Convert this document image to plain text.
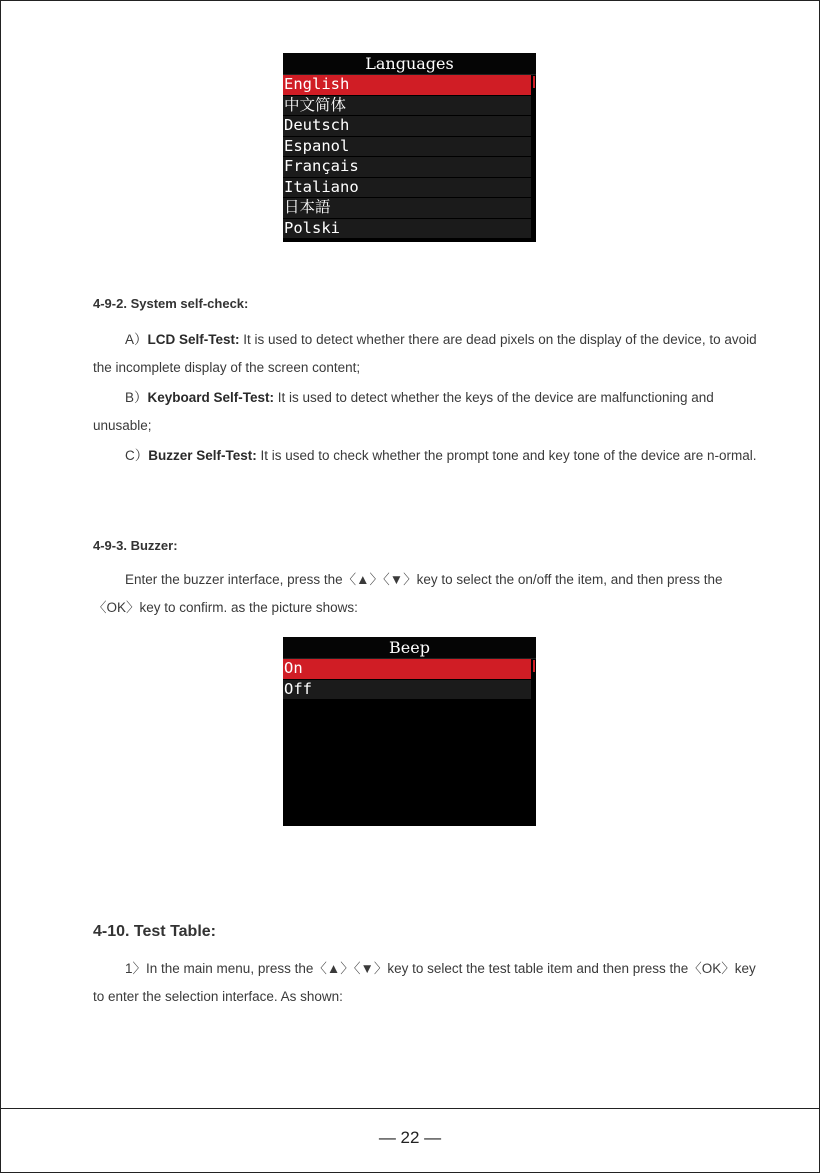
Languages
English
中文简体
Deutsch
Espanol
Français
Italiano
日本語
Polski
4-9-2. System self-check:
A）LCD Self-Test: It is used to detect whether there are dead pixels on the display of the device, to avoid the incomplete display of the screen content;
B）Keyboard Self-Test: It is used to detect whether the keys of the device are malfunctioning and unusable;
C）Buzzer Self-Test: It is used to check whether the prompt tone and key tone of the device are n-ormal.
4-9-3. Buzzer:
Enter the buzzer interface, press the〈▲〉〈▼〉key to select the on/off the item, and then press the〈OK〉key to confirm. as the picture shows:
Beep
On
Off
4-10. Test Table:
1〉In the main menu, press the〈▲〉〈▼〉key to select the test table item and then press the〈OK〉key to enter the selection interface. As shown:
— 22 —
